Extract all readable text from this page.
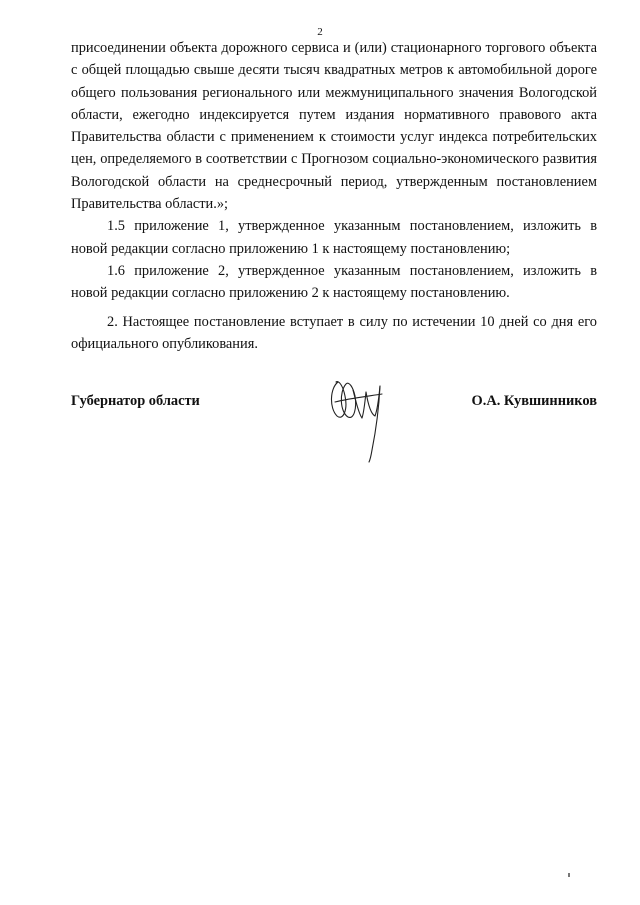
2

присоединении объекта дорожного сервиса и (или) стационарного торгового объекта с общей площадью свыше десяти тысяч квадратных метров к автомобильной дороге общего пользования регионального или межмуниципального значения Вологодской области, ежегодно индексируется путем издания нормативного правового акта Правительства области с применением к стоимости услуг индекса потребительских цен, определяемого в соответствии с Прогнозом социально-экономического развития Вологодской области на среднесрочный период, утвержденным постановлением Правительства области.»;

1.5 приложение 1, утвержденное указанным постановлением, изложить в новой редакции согласно приложению 1 к настоящему постановлению;

1.6 приложение 2, утвержденное указанным постановлением, изложить в новой редакции согласно приложению 2 к настоящему постановлению.

2. Настоящее постановление вступает в силу по истечении 10 дней со дня его официального опубликования.

Губернатор области	О.А. Кувшинников
